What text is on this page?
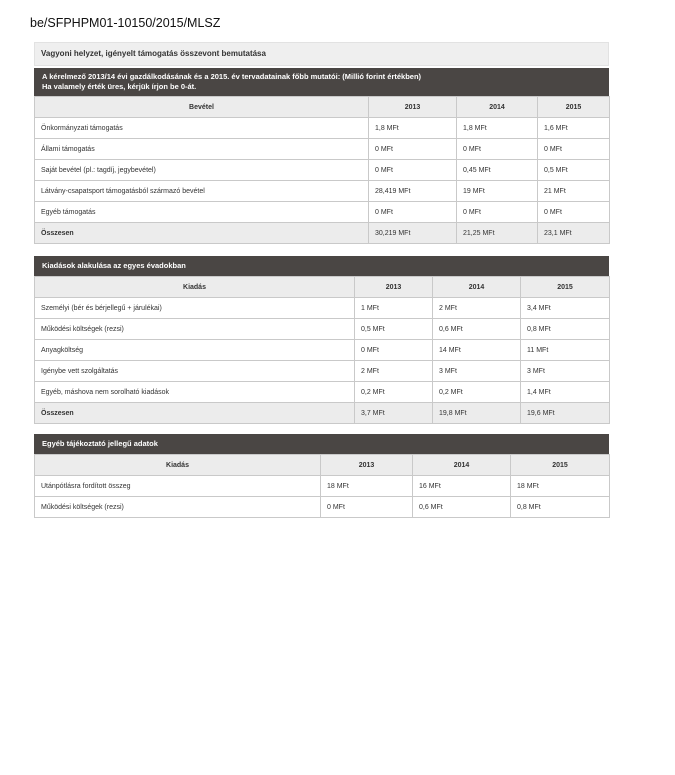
be/SFPHPM01-10150/2015/MLSZ
Vagyoni helyzet, igényelt támogatás összevont bemutatása
A kérelmező 2013/14 évi gazdálkodásának és a 2015. év tervadatainak főbb mutatói: (Millió forint értékben)
Ha valamely érték üres, kérjük írjon be 0-át.
Bevétel	2013	2014	2015
Önkormányzati támogatás	1,8 MFt	1,8 MFt	1,6 MFt
Állami támogatás	0 MFt	0 MFt	0 MFt
Saját bevétel (pl.: tagdíj, jegybevétel)	0 MFt	0,45 MFt	0,5 MFt
Látvány-csapatsport támogatásból származó bevétel	28,419 MFt	19 MFt	21 MFt
Egyéb támogatás	0 MFt	0 MFt	0 MFt
Összesen	30,219 MFt	21,25 MFt	23,1 MFt
Kiadások alakulása az egyes évadokban
Kiadás	2013	2014	2015
Személyi (bér és bérjellegű + járulékai)	1 MFt	2 MFt	3,4 MFt
Működési költségek (rezsi)	0,5 MFt	0,6 MFt	0,8 MFt
Anyagköltség	0 MFt	14 MFt	11 MFt
Igénybe vett szolgáltatás	2 MFt	3 MFt	3 MFt
Egyéb, máshova nem sorolható kiadások	0,2 MFt	0,2 MFt	1,4 MFt
Összesen	3,7 MFt	19,8 MFt	19,6 MFt
Egyéb tájékoztató jellegű adatok
Kiadás	2013	2014	2015
Utánpótlásra fordított összeg	18 MFt	16 MFt	18 MFt
Működési költségek (rezsi)	0 MFt	0,6 MFt	0,8 MFt
